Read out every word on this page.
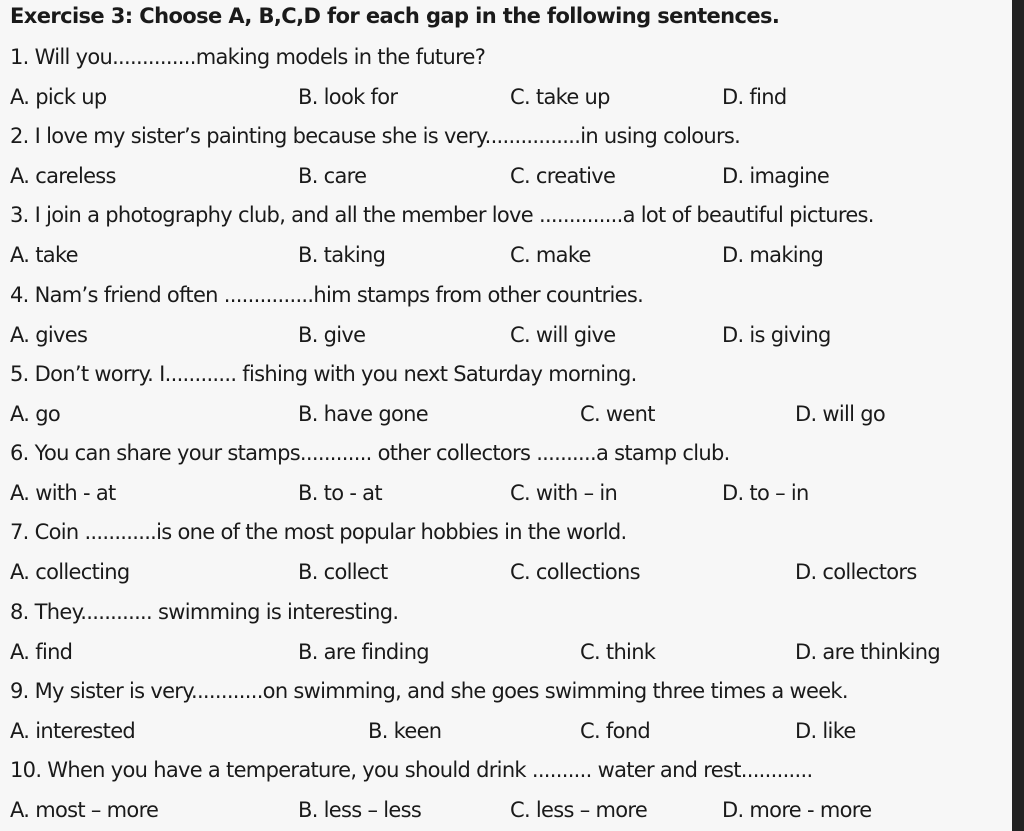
Exercise 3: Choose A, B,C,D for each gap in the following sentences.
1. Will you..............making models in the future?
A. pick up	B. look for	C. take up	D. find
2. I love my sister’s painting because she is very................in using colours.
A. careless	B. care	C. creative	D. imagine
3. I join a photography club, and all the member love ..............a lot of beautiful pictures.
A. take	B. taking	C. make	D. making
4. Nam’s friend often ...............him stamps from other countries.
A. gives	B. give	C. will give	D. is giving
5. Don’t worry. I............ fishing with you next Saturday morning.
A. go	B. have gone	C. went	D. will go
6. You can share your stamps............ other collectors ..........a stamp club.
A. with - at	B. to - at	C. with – in	D. to – in
7. Coin ............is one of the most popular hobbies in the world.
A. collecting	B. collect	C. collections	D. collectors
8. They............ swimming is interesting.
A. find	B. are finding	C. think	D. are thinking
9. My sister is very............on swimming, and she goes swimming three times a week.
A. interested	B. keen	C. fond	D. like
10. When you have a temperature, you should drink .......... water and rest............
A. most – more	B. less – less	C. less – more	D. more - more
